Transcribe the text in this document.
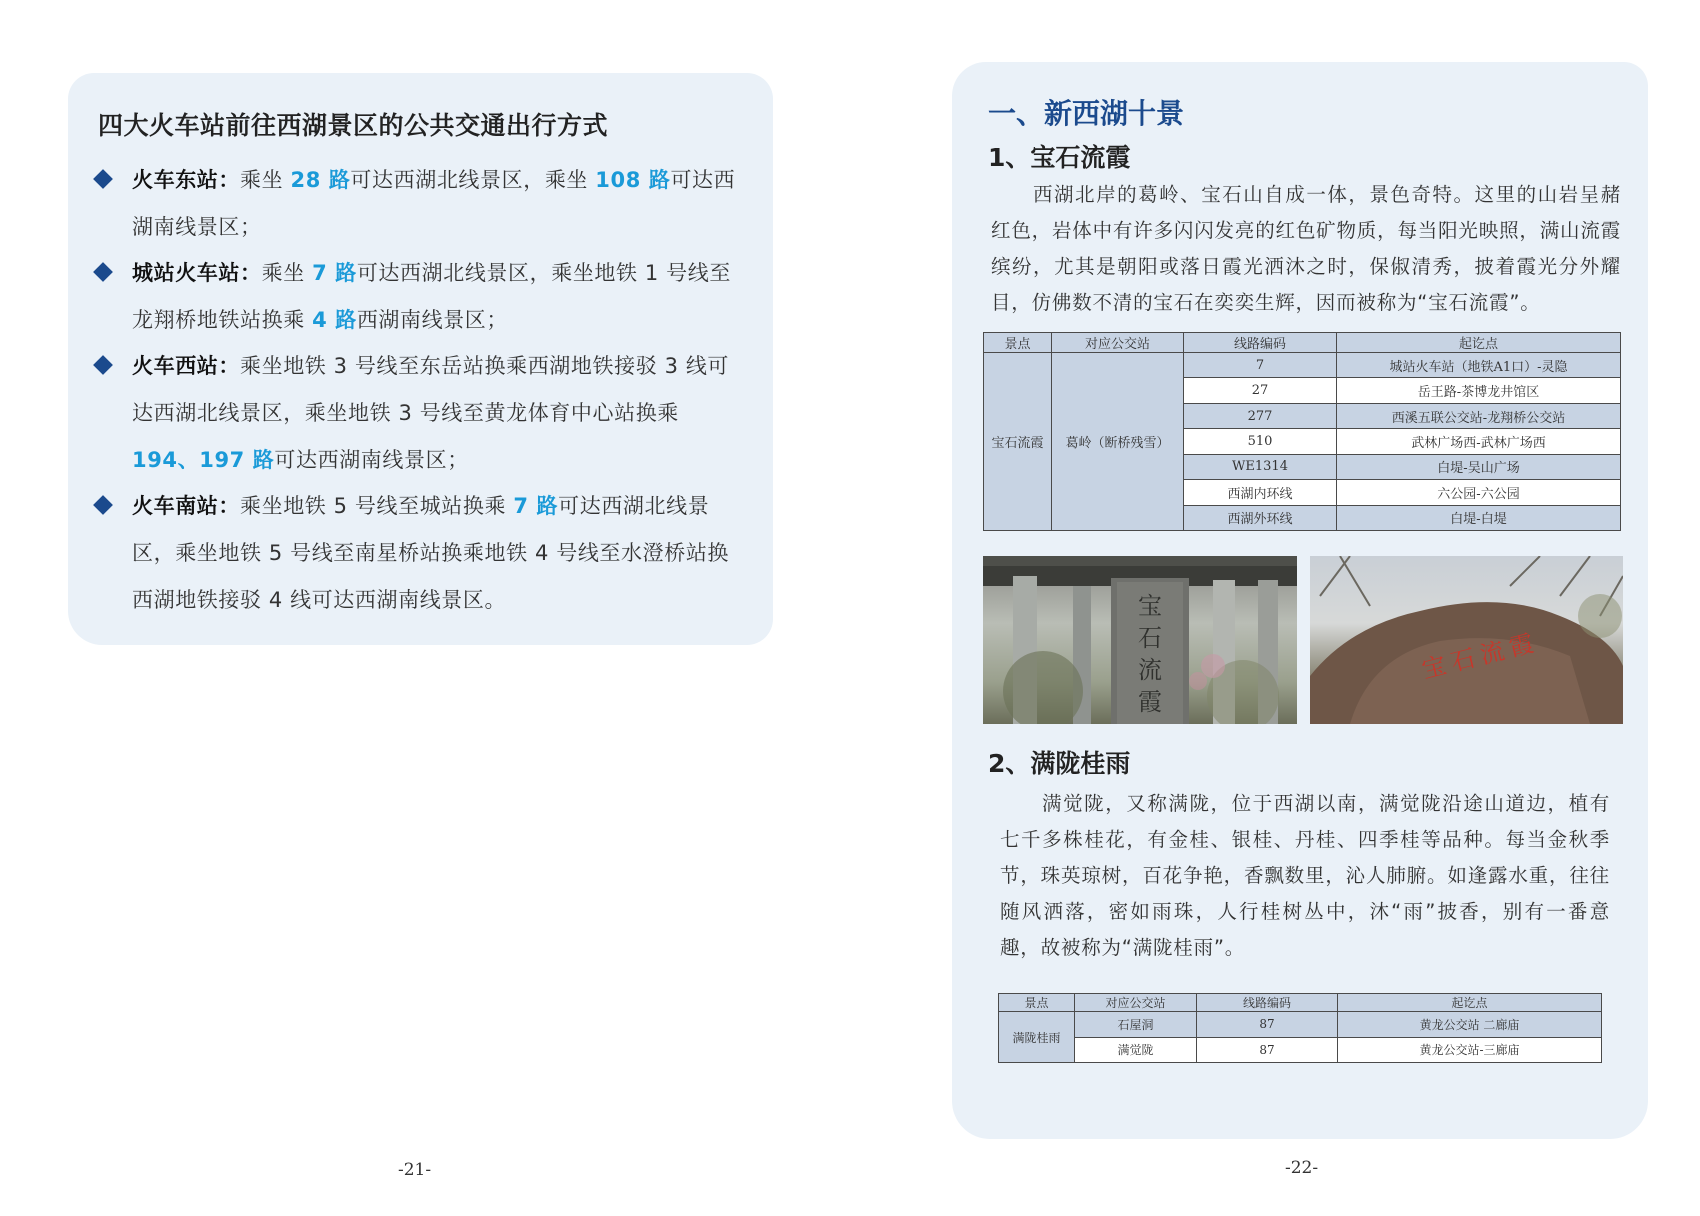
四大火车站前往西湖景区的公共交通出行方式
火车东站：乘坐 28 路可达西湖北线景区，乘坐 108 路可达西湖南线景区；
城站火车站：乘坐 7 路可达西湖北线景区，乘坐地铁 1 号线至龙翔桥地铁站换乘 4 路西湖南线景区；
火车西站：乘坐地铁 3 号线至东岳站换乘西湖地铁接驳 3 线可达西湖北线景区，乘坐地铁 3 号线至黄龙体育中心站换乘 194、197 路可达西湖南线景区；
火车南站：乘坐地铁 5 号线至城站换乘 7 路可达西湖北线景区，乘坐地铁 5 号线至南星桥站换乘地铁 4 号线至水澄桥站换西湖地铁接驳 4 线可达西湖南线景区。
-21-
一、新西湖十景
1、宝石流霞
西湖北岸的葛岭、宝石山自成一体，景色奇特。这里的山岩呈赭红色，岩体中有许多闪闪发亮的红色矿物质，每当阳光映照，满山流霞缤纷，尤其是朝阳或落日霞光洒沐之时，保俶清秀，披着霞光分外耀目，仿佛数不清的宝石在奕奕生辉，因而被称为“宝石流霞”。
景点	对应公交站	线路编码	起讫点
宝石流霞	葛岭（断桥残雪）	7	城站火车站（地铁A1口）-灵隐
		27	岳王路-茶博龙井馆区
		277	西溪五联公交站-龙翔桥公交站
		510	武林广场西-武林广场西
		WE1314	白堤-吴山广场
		西湖内环线	六公园-六公园
		西湖外环线	白堤-白堤
宝石流霞
宝石流霞
2、满陇桂雨
满觉陇，又称满陇，位于西湖以南，满觉陇沿途山道边，植有七千多株桂花，有金桂、银桂、丹桂、四季桂等品种。每当金秋季节，珠英琼树，百花争艳，香飘数里，沁人肺腑。如逢露水重，往往随风洒落，密如雨珠，人行桂树丛中，沐“雨”披香，别有一番意趣，故被称为“满陇桂雨”。
景点	对应公交站	线路编码	起讫点
满陇桂雨	石屋洞	87	黄龙公交站 二廊庙
	满觉陇	87	黄龙公交站-三廊庙
-22-
